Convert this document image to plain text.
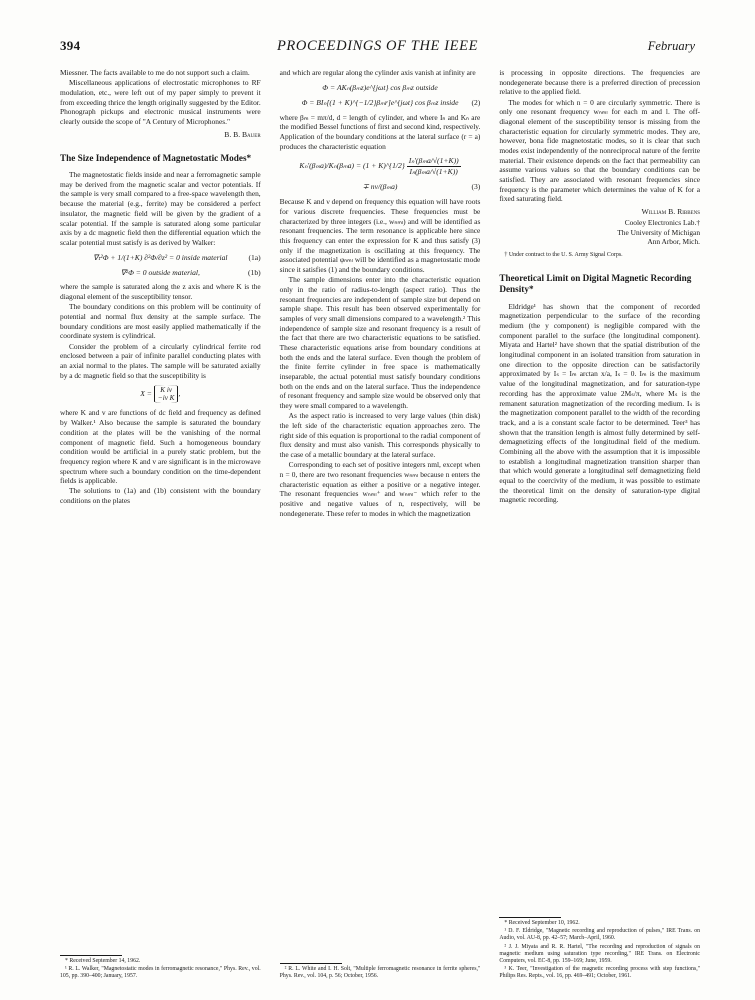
394	PROCEEDINGS OF THE IEEE	February

Miessner. The facts available to me do not support such a claim.

Miscellaneous applications of electrostatic microphones to RF modulation, etc., were left out of my paper simply to prevent it from exceeding thrice the length originally suggested by the Editor. Phonograph pickups and electronic musical instruments were clearly outside the scope of "A Century of Microphones."

B. B. Bauer
The Size Independence of Magnetostatic Modes*

The magnetostatic fields inside and near a ferromagnetic sample may be derived from the magnetic scalar and vector potentials. If the sample is very small compared to a free-space wavelength then, because the material (e.g., ferrite) may be considered a perfect insulator, the magnetic field will be given by the gradient of a scalar potential. If the sample is saturated along some particular axis by a dc magnetic field then the differential equation which the scalar potential must satisfy is as derived by Walker:

∇ₜ²Φ + 1/(1+K) ∂²Φ/∂z² = 0 inside material	(1a)
∇²Φ = 0 outside material,	(1b)

where the sample is saturated along the z axis and where K is the diagonal element of the susceptibility tensor.

The boundary conditions on this problem will be continuity of potential and normal flux density at the sample surface. The boundary conditions are most easily applied mathematically if the coordinate system is cylindrical.

Consider the problem of a circularly cylindrical ferrite rod enclosed between a pair of infinite parallel conducting plates with an axial normal to the plates. The sample will be saturated axially by a dc magnetic field so that the susceptibility is

X = K iν
−iν K,

where K and v are functions of dc field and frequency as defined by Walker.¹ Also because the sample is saturated the boundary condition at the plates will be the vanishing of the normal component of magnetic field. Such a homogeneous boundary condition would be artificial in a purely static problem, but the frequency region where K and v are significant is in the microwave spectrum where such a boundary condition on the time-dependent fields is applicable.

The solutions to (1a) and (1b) consistent with the boundary conditions on the plates

* Received September 14, 1962.

¹ R. L. Walker, "Magnetostatic modes in ferromagnetic resonance," Phys. Rev., vol. 105, pp. 390–400; January, 1957.

and which are regular along the cylinder axis vanish at infinity are

Φ = AKₙ(βₘz)e^{jωt} cos βₘz outside
Φ = BIₙ[(1 + K)^{−1/2}βₘr]e^{jωt} cos βₘz inside (2)

where βₘ = mπ/d, d = length of cylinder, and where Iₙ and Kₙ are the modified Bessel functions of first and second kind, respectively. Application of the boundary conditions at the lateral surface (r = a) produces the characteristic equation

Kₙ′(βₘa)/Kₙ(βₘa) = (1 + K)^{1/2} $\frac{\text{Iₙ′(βₘa/√(1+K))}}{\text{Iₙ(βₘa/√(1+K))}}$
∓ nν/(βₘa)	(3)

Because K and ν depend on frequency this equation will have roots for various discrete frequencies. These frequencies must be characterized by three integers (i.e., wₙₘₗ) and will be identified as resonant frequencies. The term resonance is applicable here since this frequency can enter the expression for K and thus satisfy (3) only if the magnetization is oscillating at this frequency. The associated potential φₙₘₗ will be identified as a magnetostatic mode since it satisfies (1) and the boundary conditions.

The sample dimensions enter into the characteristic equation only in the ratio of radius-to-length (aspect ratio). Thus the resonant frequencies are independent of sample size but depend on sample shape. This result has been observed experimentally for samples of very small dimensions compared to a wavelength.² This independence of sample size and resonant frequency is a result of the fact that there are two characteristic equations to be satisfied. These characteristic equations arise from boundary conditions at both the ends and the lateral surface. Even though the problem of the finite ferrite cylinder in free space is mathematically inseparable, the actual potential must satisfy boundary conditions both on the ends and on the lateral surface. Thus the independence of resonant frequency and sample size would be observed only that they were small compared to a wavelength.

As the aspect ratio is increased to very large values (thin disk) the left side of the characteristic equation approaches zero. The right side of this equation is proportional to the radial component of flux density and must also vanish. This corresponds physically to the case of a metallic boundary at the lateral surface.

Corresponding to each set of positive integers nml, except when n = 0, there are two resonant frequencies wₙₘₗ because n enters the characteristic equation as either a positive or a negative integer. The resonant frequencies wₙₘₗ⁺ and wₙₘₗ⁻ which refer to the positive and negative values of n, respectively, will be nondegenerate. These refer to modes in which the magnetization

² R. L. White and I. H. Solt, "Multiple ferromagnetic resonance in ferrite spheres," Phys. Rev., vol. 104, p. 56; October, 1956.

is processing in opposite directions. The frequencies are nondegenerate because there is a preferred direction of precession relative to the applied field.

The modes for which n = 0 are circularly symmetric. There is only one resonant frequency wₙₘₗ for each m and l. The off-diagonal element of the susceptibility tensor is missing from the characteristic equation for circularly symmetric modes. They are, however, bona fide magnetostatic modes, so it is clear that such modes exist independently of the nonreciprocal nature of the ferrite material. Their existence depends on the fact that permeability can assume various values so that the boundary conditions can be satisfied. They are associated with resonant frequencies since frequency is the parameter which determines the value of K for a fixed saturating field.

William B. Ribbens
Cooley Electronics Lab.†
The University of Michigan
Ann Arbor, Mich.
† Under contract to the U. S. Army Signal Corps.
Theoretical Limit on Digital Magnetic Recording Density*

Eldridge¹ has shown that the component of recorded magnetization perpendicular to the surface of the recording medium (the y component) is negligible compared with the component parallel to the surface (the longitudinal component). Miyata and Hartel² have shown that the spatial distribution of the longitudinal component in an isolated transition from saturation in one direction to the opposite direction can be satisfactorily approximated by Iₛ = Iₘ arctan x/a, Iₛ = 0. Iₘ is the maximum value of the longitudinal magnetization, and for saturation-type recording has the approximate value 2Mₛ/π, where Mₛ is the remanent saturation magnetization of the recording medium. Iₛ is the magnetization component parallel to the width of the recording track, and a is a constant scale factor to be determined. Teer³ has shown that the transition length is almost fully determined by self-demagnetizing effects of the longitudinal field of the medium. Combining all the above with the assumption that it is impossible to establish a longitudinal magnetization transition sharper than that which would generate a longitudinal self demagnetizing field equal to the coercivity of the medium, it was possible to estimate the theoretical limit on the density of saturation-type digital magnetic recording.

* Received September 10, 1962.

¹ D. F. Eldridge, "Magnetic recording and reproduction of pulses," IRE Trans. on Audio, vol. AU-8, pp. 42–57; March–April, 1960.

² J. J. Miyata and R. R. Hartel, "The recording and reproduction of signals on magnetic medium using saturation type recording," IRE Trans. on Electronic Computers, vol. EC-8, pp. 159–169; June, 1959.

³ K. Teer, "Investigation of the magnetic recording process with step functions," Philips Res. Repts., vol. 16, pp. 469–491; October, 1961.
